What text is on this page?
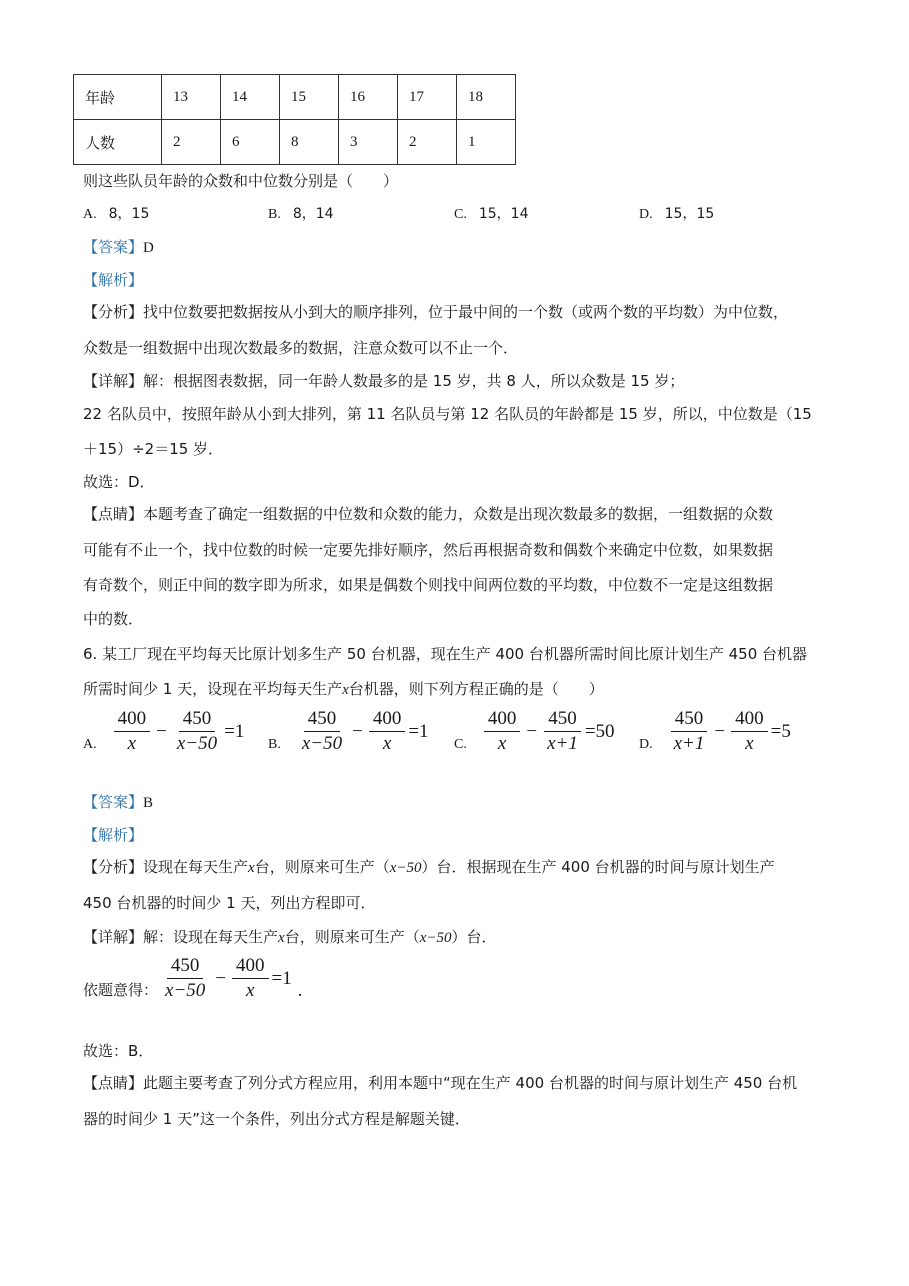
年龄	13	14	15	16	17	18
人数	2	6	8	3	2	1
则这些队员年龄的众数和中位数分别是（　　）
A. 8，15	B. 8，14	C. 15，14	D. 15，15
【答案】D
【解析】
【分析】找中位数要把数据按从小到大的顺序排列，位于最中间的一个数（或两个数的平均数）为中位数，
众数是一组数据中出现次数最多的数据，注意众数可以不止一个．
【详解】解：根据图表数据，同一年龄人数最多的是 15 岁，共 8 人，所以众数是 15 岁；
22 名队员中，按照年龄从小到大排列，第 11 名队员与第 12 名队员的年龄都是 15 岁，所以，中位数是（15
＋15）÷2＝15 岁．
故选：D．
【点睛】本题考查了确定一组数据的中位数和众数的能力，众数是出现次数最多的数据，一组数据的众数
可能有不止一个，找中位数的时候一定要先排好顺序，然后再根据奇数和偶数个来确定中位数，如果数据
有奇数个，则正中间的数字即为所求，如果是偶数个则找中间两位数的平均数，中位数不一定是这组数据
中的数．
6. 某工厂现在平均每天比原计划多生产 50 台机器，现在生产 400 台机器所需时间比原计划生产 450 台机器
所需时间少 1 天，设现在平均每天生产x台机器，则下列方程正确的是（　　）
A. $\frac{400}{x} - \frac{450}{x-50} =1$
B. $\frac{450}{x-50} - \frac{400}{x} =1$
C. $\frac{400}{x} - \frac{450}{x+1} =50$
D. $\frac{450}{x+1} - \frac{400}{x} =5$
【答案】B
【解析】
【分析】设现在每天生产x台，则原来可生产（x−50）台．根据现在生产 400 台机器的时间与原计划生产
450 台机器的时间少 1 天，列出方程即可．
【详解】解：设现在每天生产x台，则原来可生产（x−50）台．
依题意得： $\frac{450}{x-50} - \frac{400}{x} =1$
.
故选：B．
【点睛】此题主要考查了列分式方程应用，利用本题中“现在生产 400 台机器的时间与原计划生产 450 台机
器的时间少 1 天”这一个条件，列出分式方程是解题关键．
